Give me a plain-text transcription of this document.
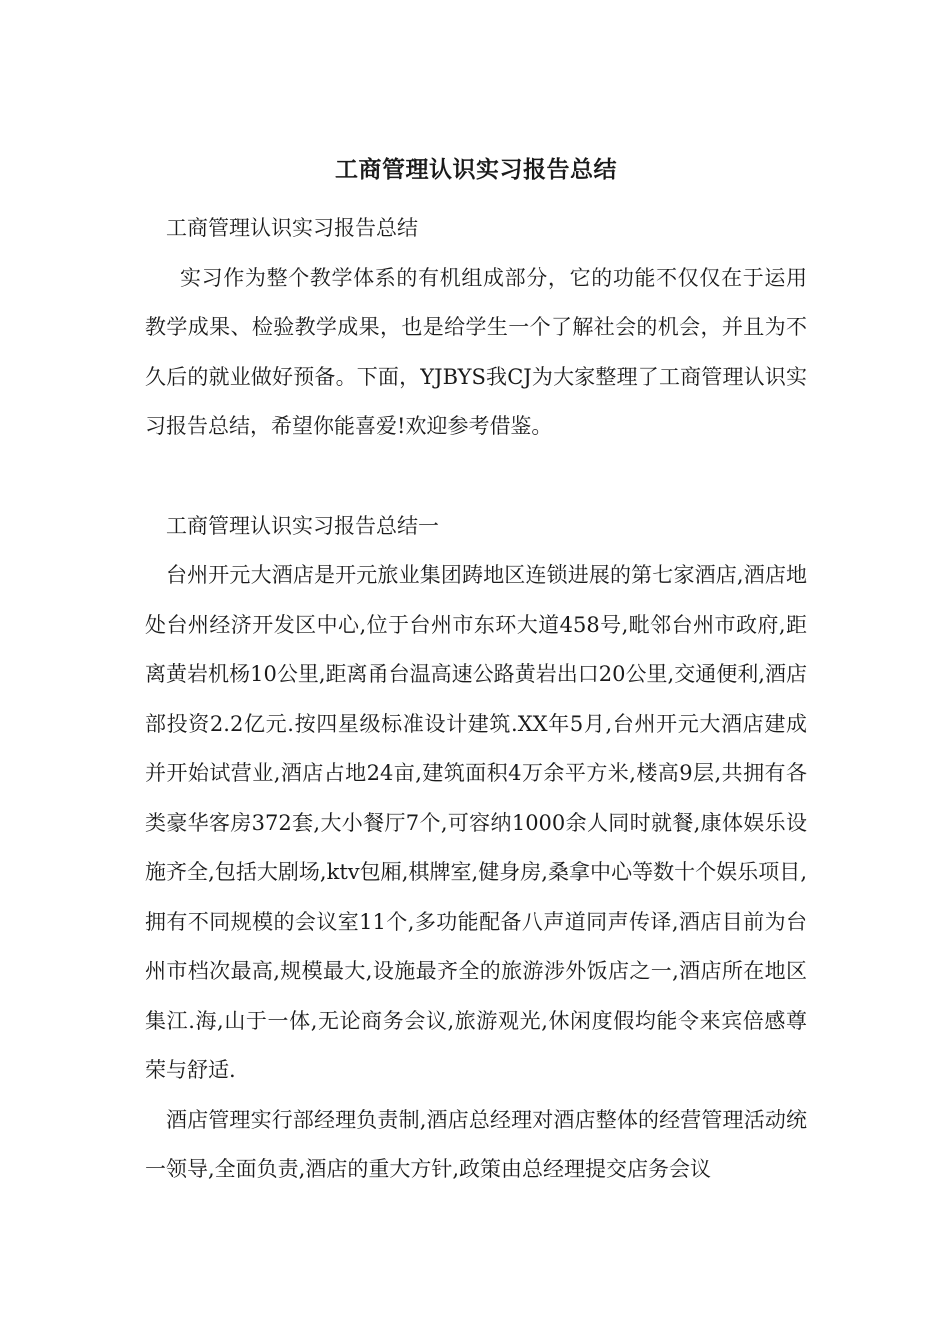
工商管理认识实习报告总结

工商管理认识实习报告总结

实习作为整个教学体系的有机组成部分，它的功能不仅仅在于运用教学成果、检验教学成果，也是给学生一个了解社会的机会，并且为不久后的就业做好预备。下面，YJBYS我CJ为大家整理了工商管理认识实习报告总结，希望你能喜爱!欢迎参考借鉴。

工商管理认识实习报告总结一

台州开元大酒店是开元旅业集团踌地区连锁进展的第七家酒店,酒店地处台州经济开发区中心,位于台州市东环大道458号,毗邻台州市政府,距离黄岩机杨10公里,距离甬台温高速公路黄岩出口20公里,交通便利,酒店部投资2.2亿元.按四星级标准设计建筑.XX年5月,台州开元大酒店建成并开始试营业,酒店占地24亩,建筑面积4万余平方米,楼高9层,共拥有各类豪华客房372套,大小餐厅7个,可容纳1000余人同时就餐,康体娱乐设施齐全,包括大剧场,ktv包厢,棋牌室,健身房,桑拿中心等数十个娱乐项目,拥有不同规模的会议室11个,多功能配备八声道同声传译,酒店目前为台州市档次最高,规模最大,设施最齐全的旅游涉外饭店之一,酒店所在地区集江.海,山于一体,无论商务会议,旅游观光,休闲度假均能令来宾倍感尊荣与舒适.

酒店管理实行部经理负责制,酒店总经理对酒店整体的经营管理活动统一领导,全面负责,酒店的重大方针,政策由总经理提交店务会议
